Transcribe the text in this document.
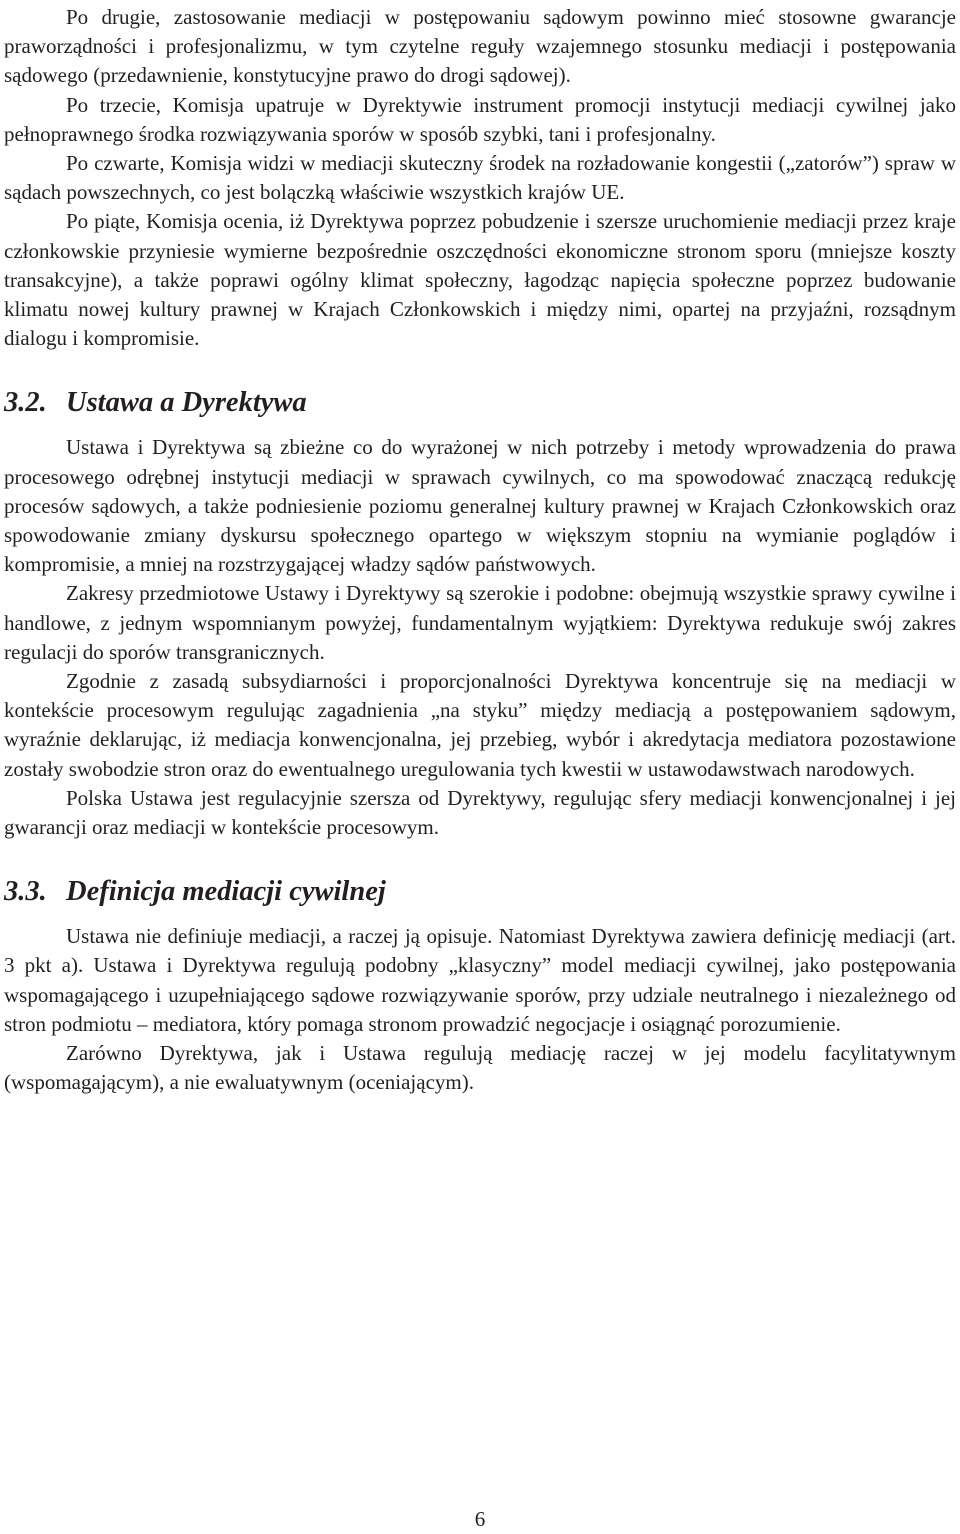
Po drugie, zastosowanie mediacji w postępowaniu sądowym powinno mieć stosowne gwarancje praworządności i profesjonalizmu, w tym czytelne reguły wzajemnego stosunku mediacji i postępowania sądowego (przedawnienie, konstytucyjne prawo do drogi sądowej).

Po trzecie, Komisja upatruje w Dyrektywie instrument promocji instytucji mediacji cywilnej jako pełnoprawnego środka rozwiązywania sporów w sposób szybki, tani i profesjonalny.

Po czwarte, Komisja widzi w mediacji skuteczny środek na rozładowanie kongestii („zatorów”) spraw w sądach powszechnych, co jest bolączką właściwie wszystkich krajów UE.

Po piąte, Komisja ocenia, iż Dyrektywa poprzez pobudzenie i szersze uruchomienie mediacji przez kraje członkowskie przyniesie wymierne bezpośrednie oszczędności ekonomiczne stronom sporu (mniejsze koszty transakcyjne), a także poprawi ogólny klimat społeczny, łagodząc napięcia społeczne poprzez budowanie klimatu nowej kultury prawnej w Krajach Członkowskich i między nimi, opartej na przyjaźni, rozsądnym dialogu i kompromisie.

3.2. Ustawa a Dyrektywa

Ustawa i Dyrektywa są zbieżne co do wyrażonej w nich potrzeby i metody wprowadzenia do prawa procesowego odrębnej instytucji mediacji w sprawach cywilnych, co ma spowodować znaczącą redukcję procesów sądowych, a także podniesienie poziomu generalnej kultury prawnej w Krajach Członkowskich oraz spowodowanie zmiany dyskursu społecznego opartego w większym stopniu na wymianie poglądów i kompromisie, a mniej na rozstrzygającej władzy sądów państwowych.

Zakresy przedmiotowe Ustawy i Dyrektywy są szerokie i podobne: obejmują wszystkie sprawy cywilne i handlowe, z jednym wspomnianym powyżej, fundamentalnym wyjątkiem: Dyrektywa redukuje swój zakres regulacji do sporów transgranicznych.

Zgodnie z zasadą subsydiarności i proporcjonalności Dyrektywa koncentruje się na mediacji w kontekście procesowym regulując zagadnienia „na styku” między mediacją a postępowaniem sądowym, wyraźnie deklarując, iż mediacja konwencjonalna, jej przebieg, wybór i akredytacja mediatora pozostawione zostały swobodzie stron oraz do ewentualnego uregulowania tych kwestii w ustawodawstwach narodowych.

Polska Ustawa jest regulacyjnie szersza od Dyrektywy, regulując sfery mediacji konwencjonalnej i jej gwarancji oraz mediacji w kontekście procesowym.

3.3. Definicja mediacji cywilnej

Ustawa nie definiuje mediacji, a raczej ją opisuje. Natomiast Dyrektywa zawiera definicję mediacji (art. 3 pkt a). Ustawa i Dyrektywa regulują podobny „klasyczny” model mediacji cywilnej, jako postępowania wspomagającego i uzupełniającego sądowe rozwiązywanie sporów, przy udziale neutralnego i niezależnego od stron podmiotu – mediatora, który pomaga stronom prowadzić negocjacje i osiągnąć porozumienie.

Zarówno Dyrektywa, jak i Ustawa regulują mediację raczej w jej modelu facylitatywnym (wspomagającym), a nie ewaluatywnym (oceniającym).

6
